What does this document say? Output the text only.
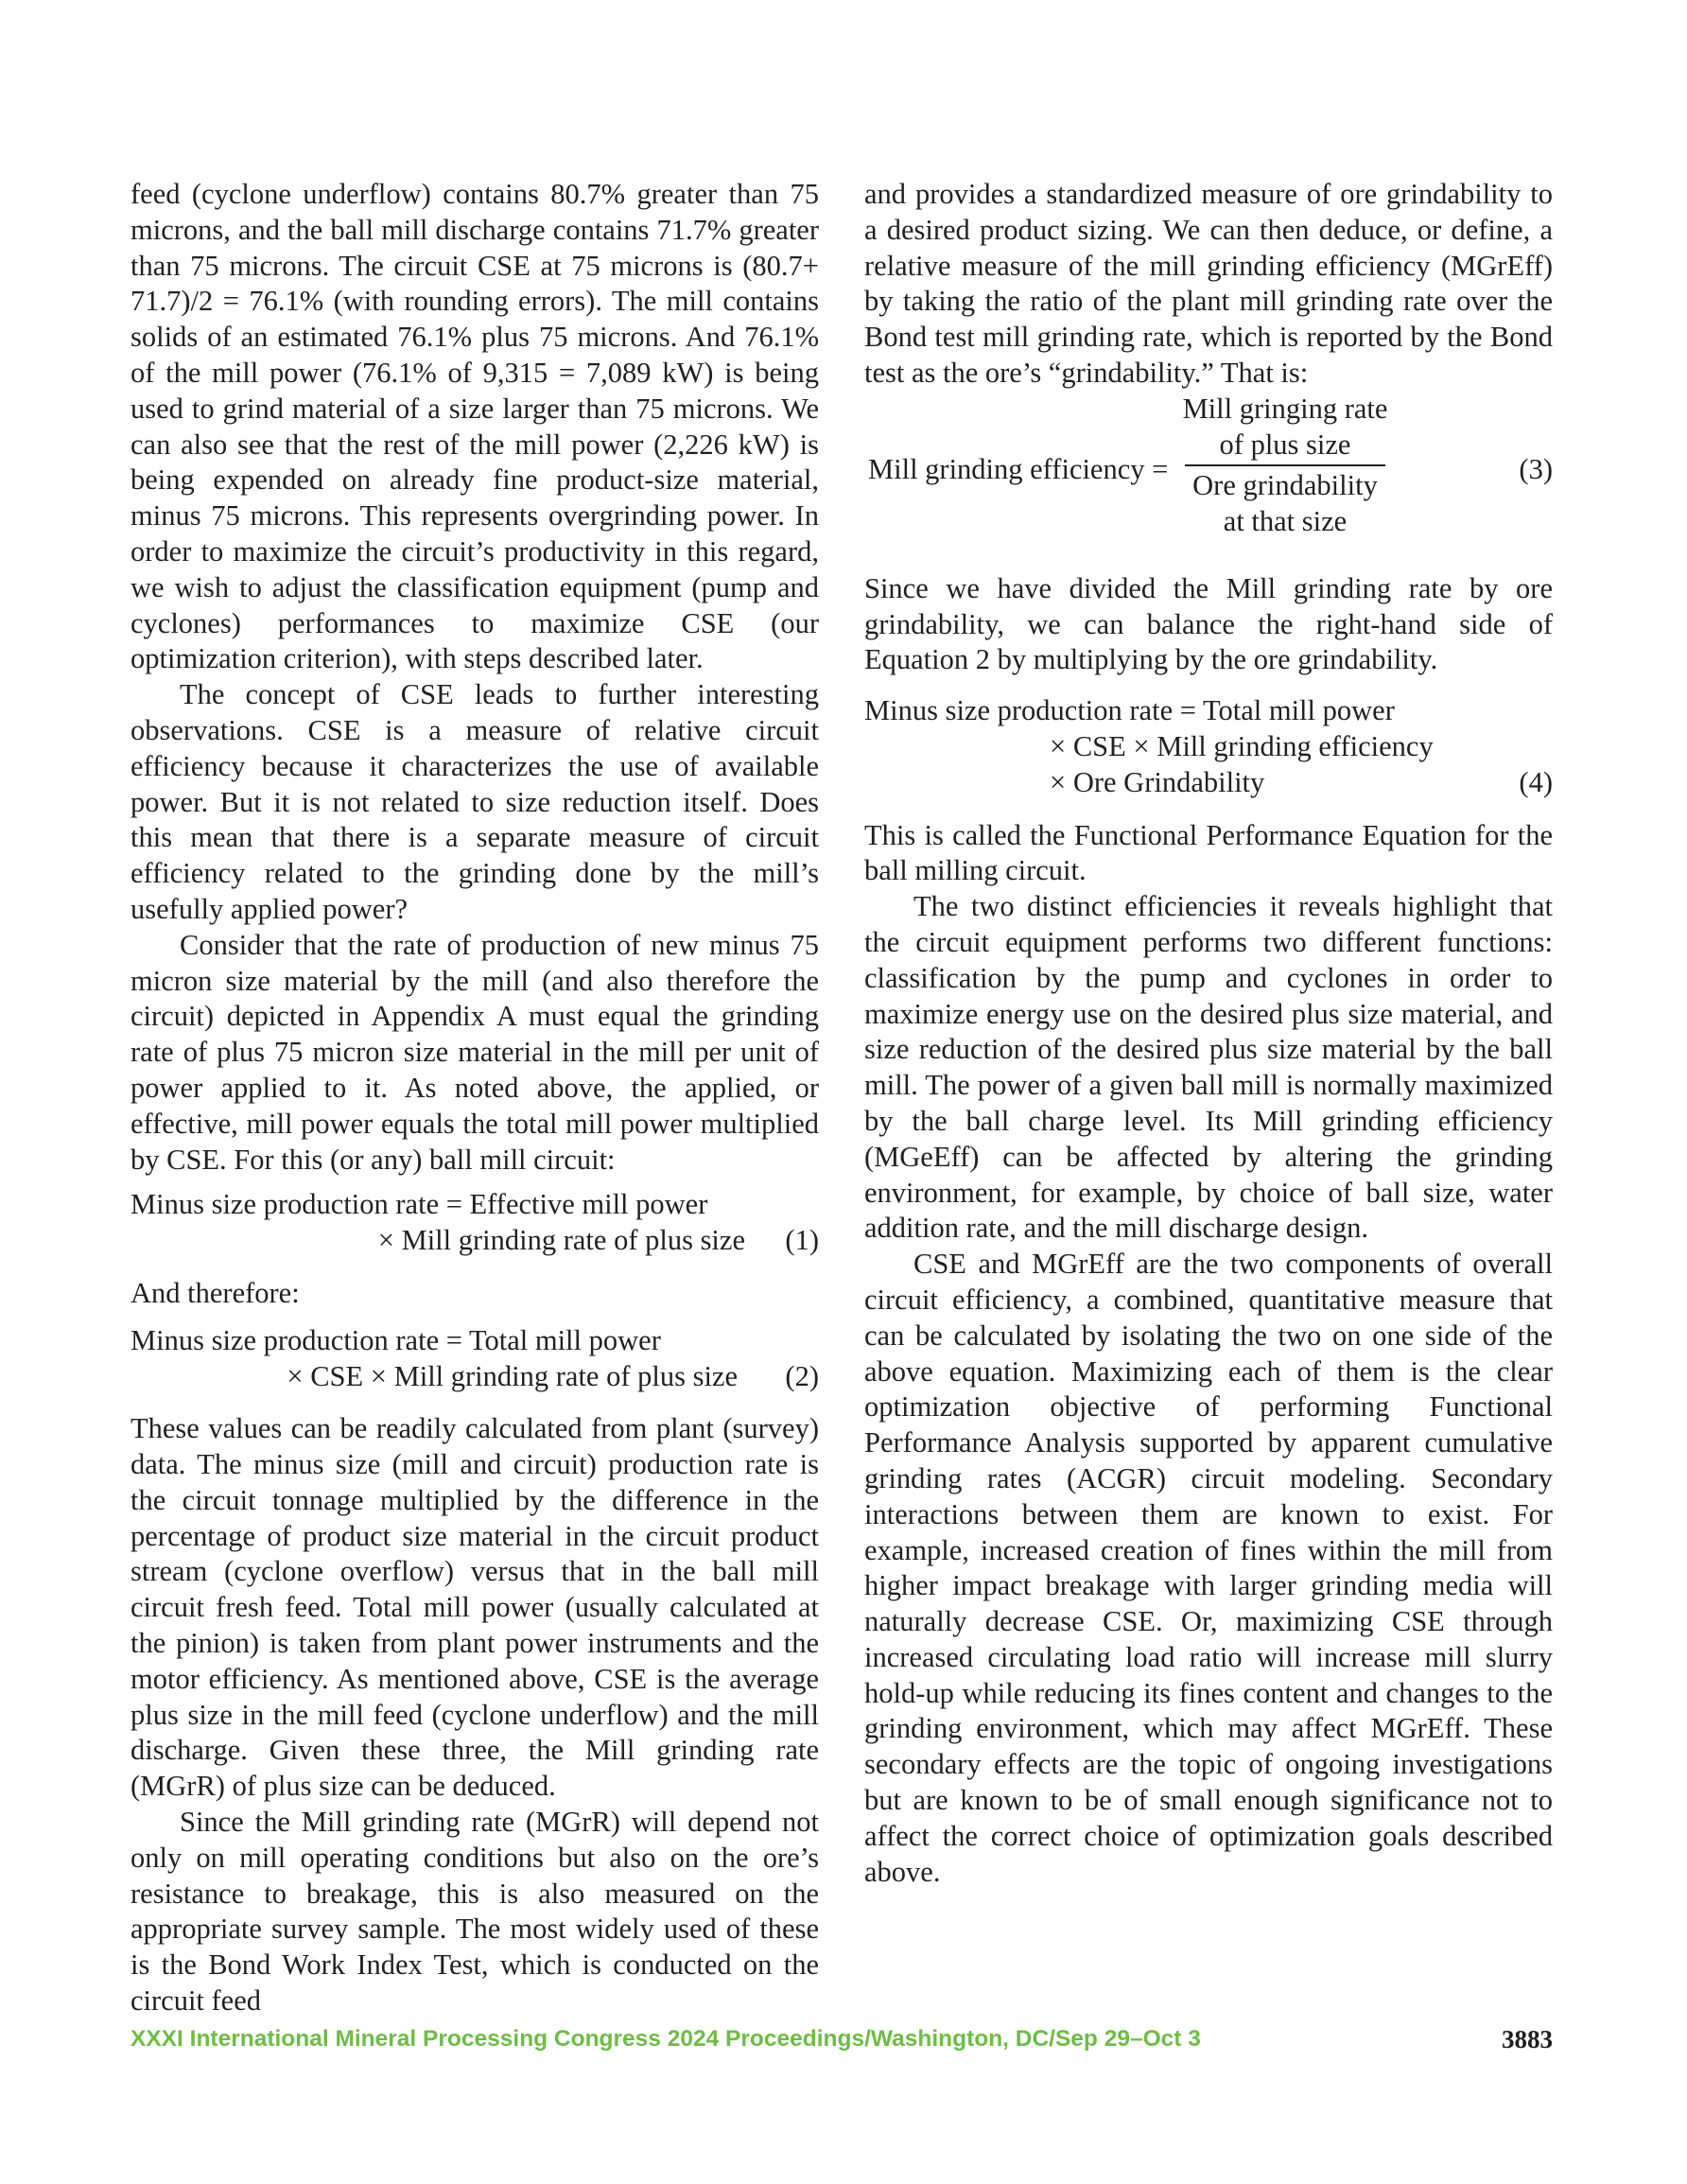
feed (cyclone underflow) contains 80.7% greater than 75 microns, and the ball mill discharge contains 71.7% greater than 75 microns. The circuit CSE at 75 microns is (80.7+ 71.7)/2 = 76.1% (with rounding errors). The mill contains solids of an estimated 76.1% plus 75 microns. And 76.1% of the mill power (76.1% of 9,315 = 7,089 kW) is being used to grind material of a size larger than 75 microns. We can also see that the rest of the mill power (2,226 kW) is being expended on already fine product-size material, minus 75 microns. This represents overgrinding power. In order to maximize the circuit’s productivity in this regard, we wish to adjust the classification equipment (pump and cyclones) performances to maximize CSE (our optimization criterion), with steps described later.

The concept of CSE leads to further interesting observations. CSE is a measure of relative circuit efficiency because it characterizes the use of available power. But it is not related to size reduction itself. Does this mean that there is a separate measure of circuit efficiency related to the grinding done by the mill’s usefully applied power?

Consider that the rate of production of new minus 75 micron size material by the mill (and also therefore the circuit) depicted in Appendix A must equal the grinding rate of plus 75 micron size material in the mill per unit of power applied to it. As noted above, the applied, or effective, mill power equals the total mill power multiplied by CSE. For this (or any) ball mill circuit:

Minus size production rate = Effective mill power
× Mill grinding rate of plus size	(1)

And therefore:

Minus size production rate = Total mill power
× CSE × Mill grinding rate of plus size	(2)

These values can be readily calculated from plant (survey) data. The minus size (mill and circuit) production rate is the circuit tonnage multiplied by the difference in the percentage of product size material in the circuit product stream (cyclone overflow) versus that in the ball mill circuit fresh feed. Total mill power (usually calculated at the pinion) is taken from plant power instruments and the motor efficiency. As mentioned above, CSE is the average plus size in the mill feed (cyclone underflow) and the mill discharge. Given these three, the Mill grinding rate (MGrR) of plus size can be deduced.

Since the Mill grinding rate (MGrR) will depend not only on mill operating conditions but also on the ore’s resistance to breakage, this is also measured on the appropriate survey sample. The most widely used of these is the Bond Work Index Test, which is conducted on the circuit feed

and provides a standardized measure of ore grindability to a desired product sizing. We can then deduce, or define, a relative measure of the mill grinding efficiency (MGrEff) by taking the ratio of the plant mill grinding rate over the Bond test mill grinding rate, which is reported by the Bond test as the ore’s “grindability.” That is:

Mill grinding efficiency =
Mill gringing rate
of plus size
Ore grindability
at that size
(3)

Since we have divided the Mill grinding rate by ore grindability, we can balance the right-hand side of Equation 2 by multiplying by the ore grindability.

Minus size production rate = Total mill power
× CSE × Mill grinding efficiency
× Ore Grindability	(4)

This is called the Functional Performance Equation for the ball milling circuit.

The two distinct efficiencies it reveals highlight that the circuit equipment performs two different functions: classification by the pump and cyclones in order to maximize energy use on the desired plus size material, and size reduction of the desired plus size material by the ball mill. The power of a given ball mill is normally maximized by the ball charge level. Its Mill grinding efficiency (MGeEff) can be affected by altering the grinding environment, for example, by choice of ball size, water addition rate, and the mill discharge design.

CSE and MGrEff are the two components of overall circuit efficiency, a combined, quantitative measure that can be calculated by isolating the two on one side of the above equation. Maximizing each of them is the clear optimization objective of performing Functional Performance Analysis supported by apparent cumulative grinding rates (ACGR) circuit modeling. Secondary interactions between them are known to exist. For example, increased creation of fines within the mill from higher impact breakage with larger grinding media will naturally decrease CSE. Or, maximizing CSE through increased circulating load ratio will increase mill slurry hold-up while reducing its fines content and changes to the grinding environment, which may affect MGrEff. These secondary effects are the topic of ongoing investigations but are known to be of small enough significance not to affect the correct choice of optimization goals described above.

XXXI International Mineral Processing Congress 2024 Proceedings/Washington, DC/Sep 29–Oct 3	3883
